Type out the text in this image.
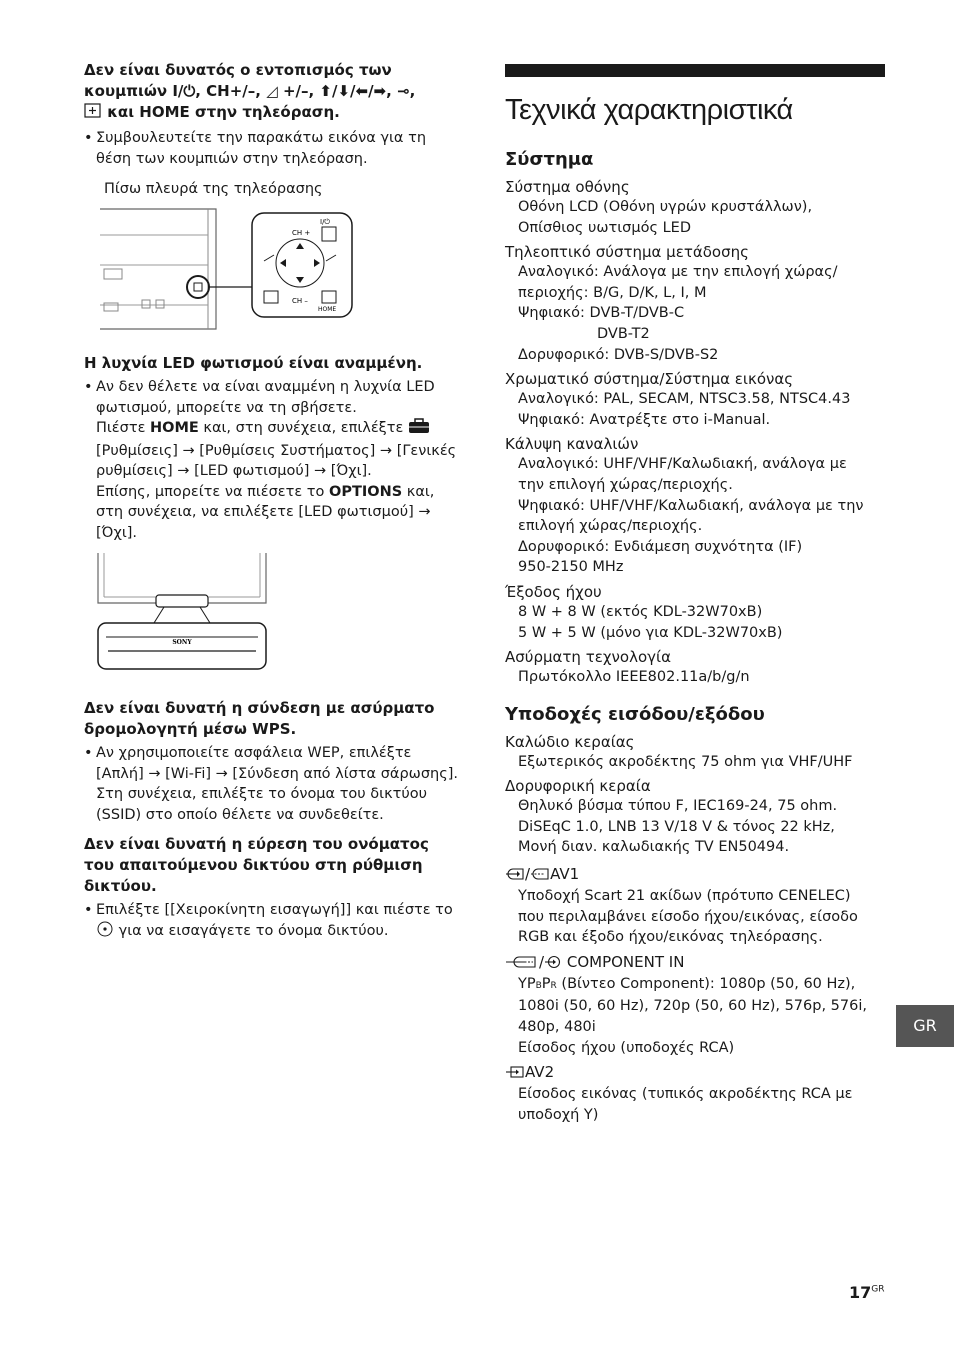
Δεν είναι δυνατός ο εντοπισμός των
κουμπιών I/⏻, CH+/–, ◿ +/–, ⬆/⬇/⬅/➡, ⊸,
και HOME στην τηλεόραση.

• Συμβουλευτείτε την παρακάτω εικόνα για τη θέση των κουμπιών στην τηλεόραση.

Πίσω πλευρά της τηλεόρασης
I/⏻
CH +
CH –
HOME

Η λυχνία LED φωτισμού είναι αναμμένη.

• Αν δεν θέλετε να είναι αναμμένη η λυχνία LED φωτισμού, μπορείτε να τη σβήσετε.

Πιέστε HOME και, στη συνέχεια, επιλέξτε

[Ρυθμίσεις] → [Ρυθμίσεις Συστήματος] → [Γενικές ρυθμίσεις] → [LED φωτισμού] → [Όχι].

Επίσης, μπορείτε να πιέσετε το OPTIONS και, στη συνέχεια, να επιλέξετε [LED φωτισμού] → [Όχι].

SONY

Δεν είναι δυνατή η σύνδεση με ασύρματο δρομολογητή μέσω WPS.

• Αν χρησιμοποιείτε ασφάλεια WEP, επιλέξτε [Απλή] → [Wi-Fi] → [Σύνδεση από λίστα σάρωσης].

Στη συνέχεια, επιλέξτε το όνομα του δικτύου (SSID) στο οποίο θέλετε να συνδεθείτε.

Δεν είναι δυνατή η εύρεση του ονόματος του απαιτούμενου δικτύου στη ρύθμιση δικτύου.

• Επιλέξτε [[Χειροκίνητη εισαγωγή]] και πιέστε το
για να εισαγάγετε το όνομα δικτύου.

Τεχνικά χαρακτηριστικά
Σύστημα
Σύστημα οθόνης
Οθόνη LCD (Οθόνη υγρών κρυστάλλων),
Οπίσθιος υωτισμός LED
Τηλεοπτικό σύστημα μετάδοσης
Αναλογικό: Ανάλογα με την επιλογή χώρας/
περιοχής: B/G, D/K, L, I, M
Ψηφιακό: DVB-T/DVB-C
DVB-T2
Δορυφορικό: DVB-S/DVB-S2
Χρωματικό σύστημα/Σύστημα εικόνας
Αναλογικό: PAL, SECAM, NTSC3.58, NTSC4.43
Ψηφιακό: Ανατρέξτε στο i-Manual.
Κάλυψη καναλιών
Αναλογικό: UHF/VHF/Καλωδιακή, ανάλογα με
την επιλογή χώρας/περιοχής.
Ψηφιακό: UHF/VHF/Καλωδιακή, ανάλογα με την
επιλογή χώρας/περιοχής.
Δορυφορικό: Ενδιάμεση συχνότητα (IF)
950-2150 MHz
Έξοδος ήχου
8 W + 8 W (εκτός KDL-32W70xB)
5 W + 5 W (μόνο για KDL-32W70xB)
Ασύρματη τεχνολογία
Πρωτόκολλο IEEE802.11a/b/g/n
Υποδοχές εισόδου/εξόδου
Καλώδιο κεραίας
Εξωτερικός ακροδέκτης 75 ohm για VHF/UHF
Δορυφορική κεραία
Θηλυκό βύσμα τύπου F, IEC169-24, 75 ohm.
DiSEqC 1.0, LNB 13 V/18 V & τόνος 22 kHz,
Μονή διαν. καλωδιακής TV EN50494.
/ AV1
Υποδοχή Scart 21 ακίδων (πρότυπο CENELEC)
που περιλαμβάνει είσοδο ήχου/εικόνας, είσοδο
RGB και έξοδο ήχου/εικόνας τηλεόρασης.
/ COMPONENT IN
YPBPR (Βίντεο Component): 1080p (50, 60 Hz),
1080i (50, 60 Hz), 720p (50, 60 Hz), 576p, 576i,
480p, 480i
Είσοδος ήχου (υποδοχές RCA)
AV2
Είσοδος εικόνας (τυπικός ακροδέκτης RCA με
υποδοχή Y)
GR
$17^{GR}$
